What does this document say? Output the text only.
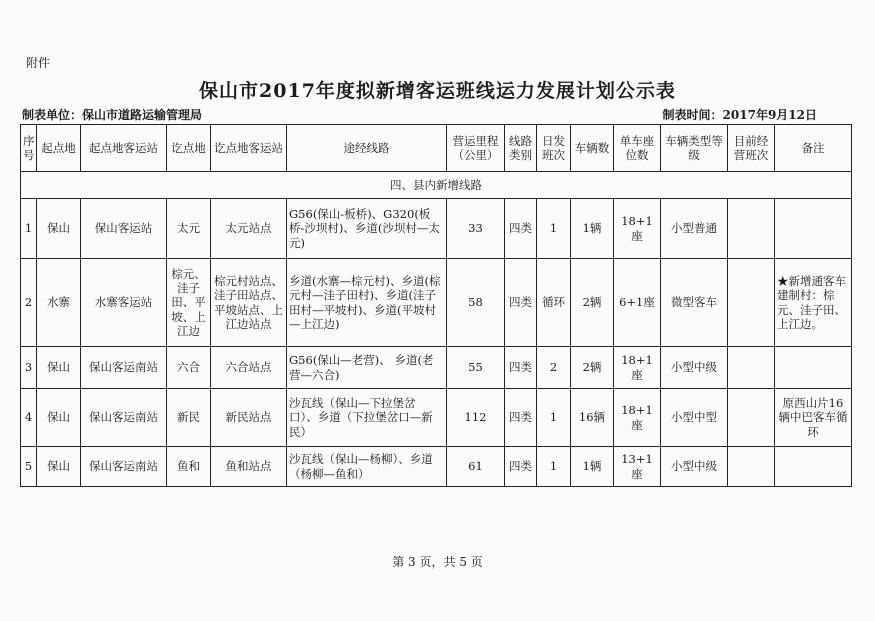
附件
保山市2017年度拟新增客运班线运力发展计划公示表
制表单位：保山市道路运输管理局	制表时间：2017年9月12日
序号	起点地	起点地客运站	讫点地	讫点地客运站	途经线路	营运里程（公里）	线路类别	日发班次	车辆数	单车座位数	车辆类型等级	目前经营班次	备注
四、县内新增线路													
1	保山	保山客运站	太元	太元站点	G56(保山-板桥)、G320(板桥-沙坝村)、乡道(沙坝村—太元)	33	四类	1	1辆	18+1座	小型普通		
2	水寨	水寨客运站	棕元、洼子田、平坡、上江边	棕元村站点、洼子田站点、平坡站点、上江边站点	乡道(水寨—棕元村)、乡道(棕元村—洼子田村)、乡道(洼子田村—平坡村)、乡道(平坡村—上江边)	58	四类	循环	2辆	6+1座	微型客车		★新增通客车建制村：棕元、洼子田、上江边。
3	保山	保山客运南站	六合	六合站点	G56(保山—老营)、 乡道(老营—六合)	55	四类	2	2辆	18+1座	小型中级		
4	保山	保山客运南站	新民	新民站点	沙瓦线（保山—下拉堡岔口）、乡道（下拉堡岔口—新民）	112	四类	1	16辆	18+1座	小型中型		原西山片16辆中巴客车循环
5	保山	保山客运南站	鱼和	鱼和站点	沙瓦线（保山—杨柳）、乡道（杨柳—鱼和）	61	四类	1	1辆	13+1座	小型中级		
第 3 页，共 5 页
